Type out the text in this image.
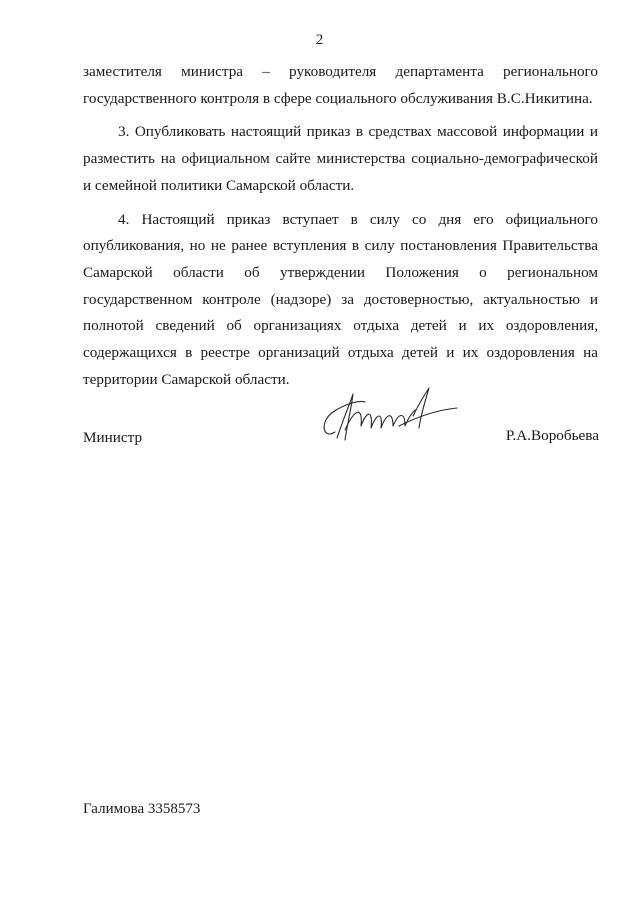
2

заместителя министра – руководителя департамента регионального государственного контроля в сфере социального обслуживания В.С.Никитина.

3. Опубликовать настоящий приказ в средствах массовой информации и разместить на официальном сайте министерства социально-демографической и семейной политики Самарской области.

4. Настоящий приказ вступает в силу со дня его официального опубликования, но не ранее вступления в силу постановления Правительства Самарской области об утверждении Положения о региональном государственном контроле (надзоре) за достоверностью, актуальностью и полнотой сведений об организациях отдыха детей и их оздоровления, содержащихся в реестре организаций отдыха детей и их оздоровления на территории Самарской области.

Министр	Р.А.Воробьева
Галимова 3358573
